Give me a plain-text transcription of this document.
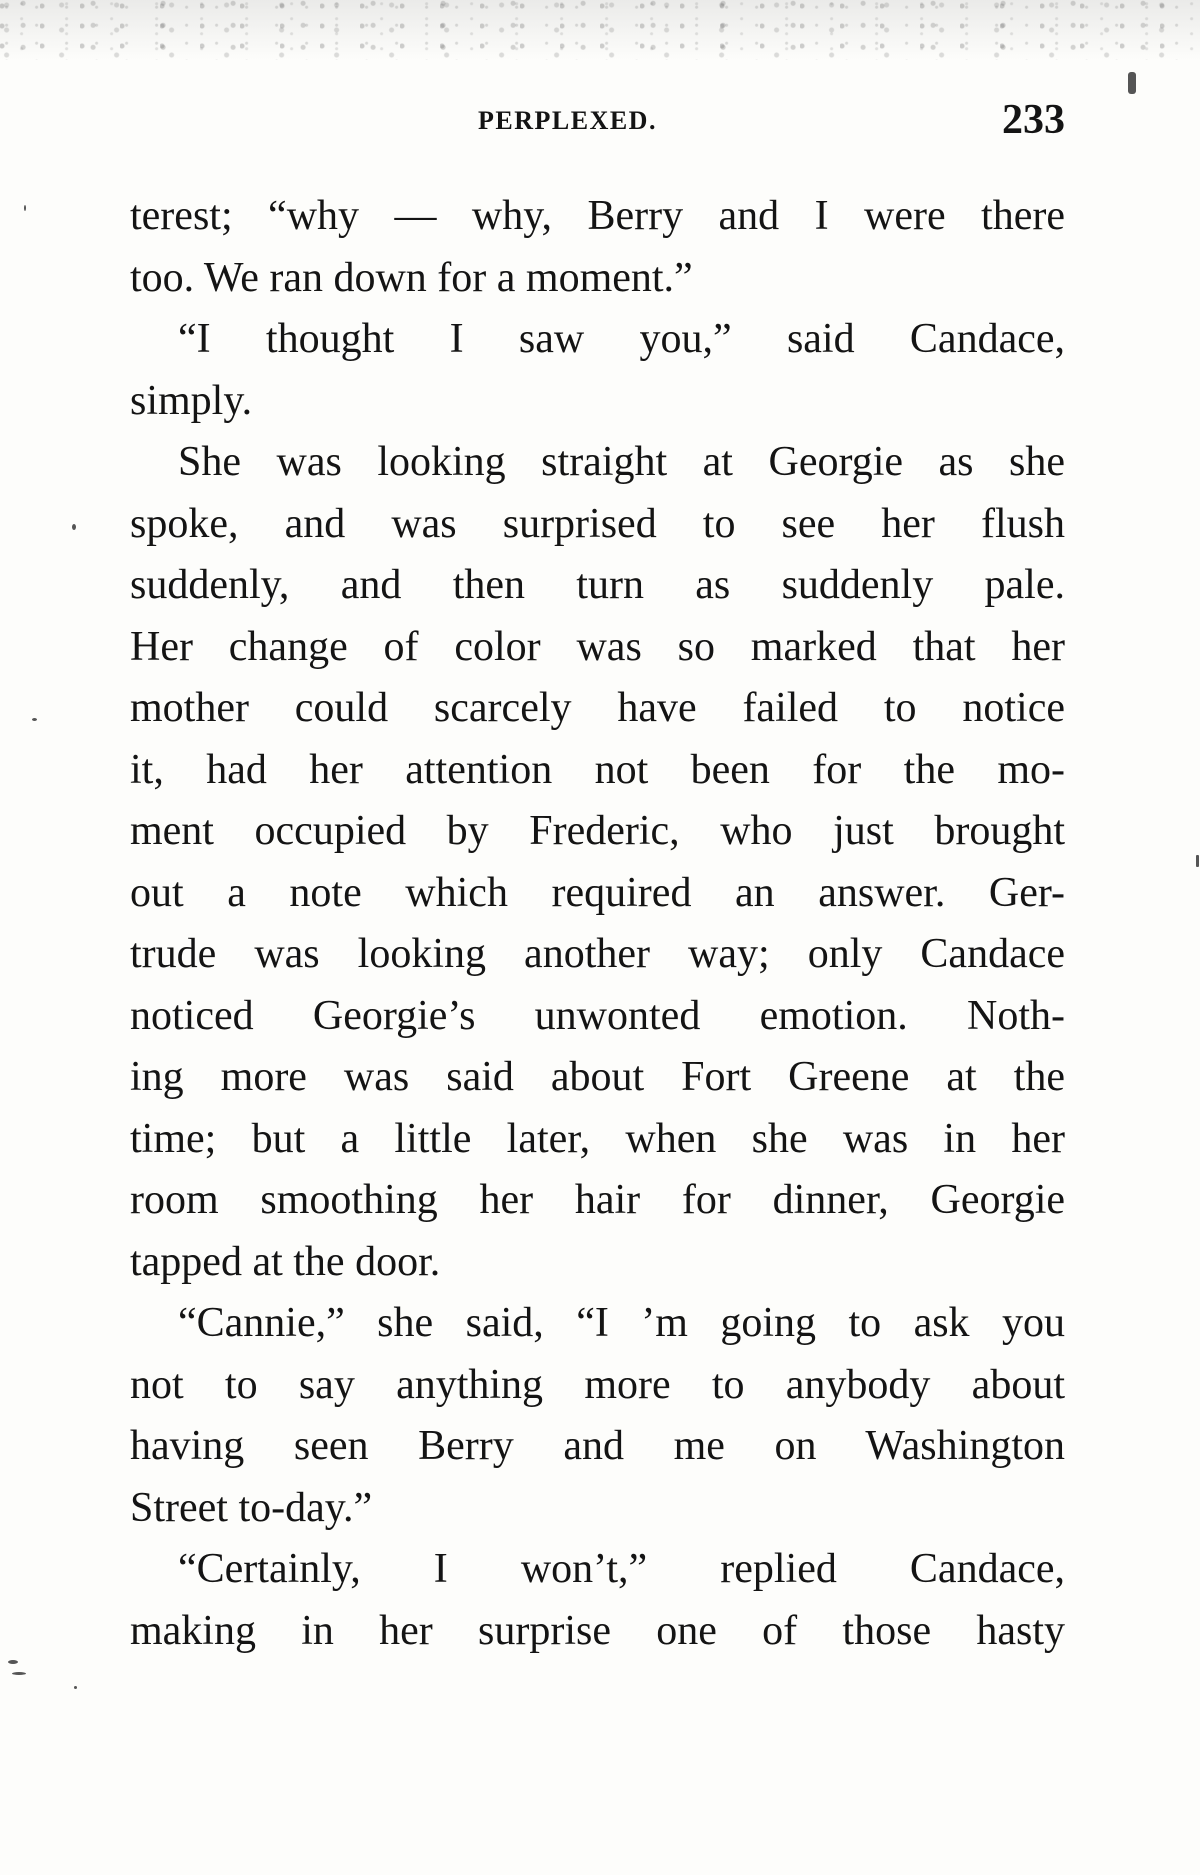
PERPLEXED.	233
terest; “why — why, Berry and I were there
too. We ran down for a moment.”
“I thought I saw you,” said Candace,
simply.
She was looking straight at Georgie as she
spoke, and was surprised to see her flush
suddenly, and then turn as suddenly pale.
Her change of color was so marked that her
mother could scarcely have failed to notice
it, had her attention not been for the mo-
ment occupied by Frederic, who just brought
out a note which required an answer. Ger-
trude was looking another way; only Candace
noticed Georgie’s unwonted emotion. Noth-
ing more was said about Fort Greene at the
time; but a little later, when she was in her
room smoothing her hair for dinner, Georgie
tapped at the door.
“Cannie,” she said, “I ’m going to ask you
not to say anything more to anybody about
having seen Berry and me on Washington
Street to-day.”
“Certainly, I won’t,” replied Candace,
making in her surprise one of those hasty
